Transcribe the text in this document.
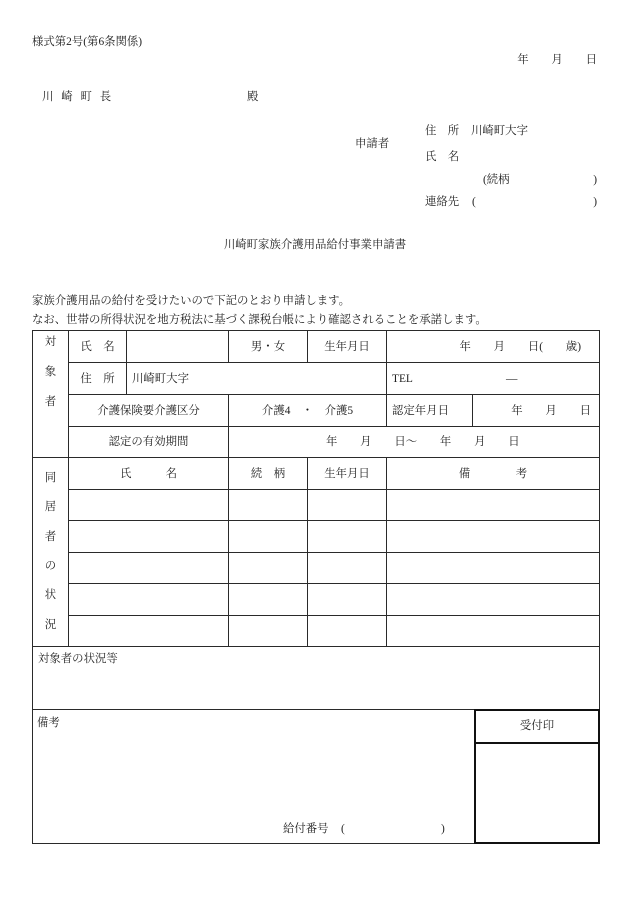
様式第2号(第6条関係)
年　　月　　日
川 崎 町 長	殿
申請者
住　所 川崎町大字
氏　名
(続柄	)
連絡先 (	)
川崎町家族介護用品給付事業申請書
家族介護用品の給付を受けたいので下記のとおり申請します。
なお、世帯の所得状況を地方税法に基づく課税台帳により確認されることを承諾します。
対象者	氏　名		男・女	生年月日	年　　月　　日(　　歳)	
	住　所	川崎町大字			TEL —	
	介護保険要介護区分		介護4　・　介護5		認定年月日	年　　月　　日
	認定の有効期間		年　　月　　日〜　　年　　月　　日			

同居者の状況	氏　　　名		続　柄	生年月日	備　　　　考	

対象者の状況等						

備考
給付番号 ( )
受付印						
